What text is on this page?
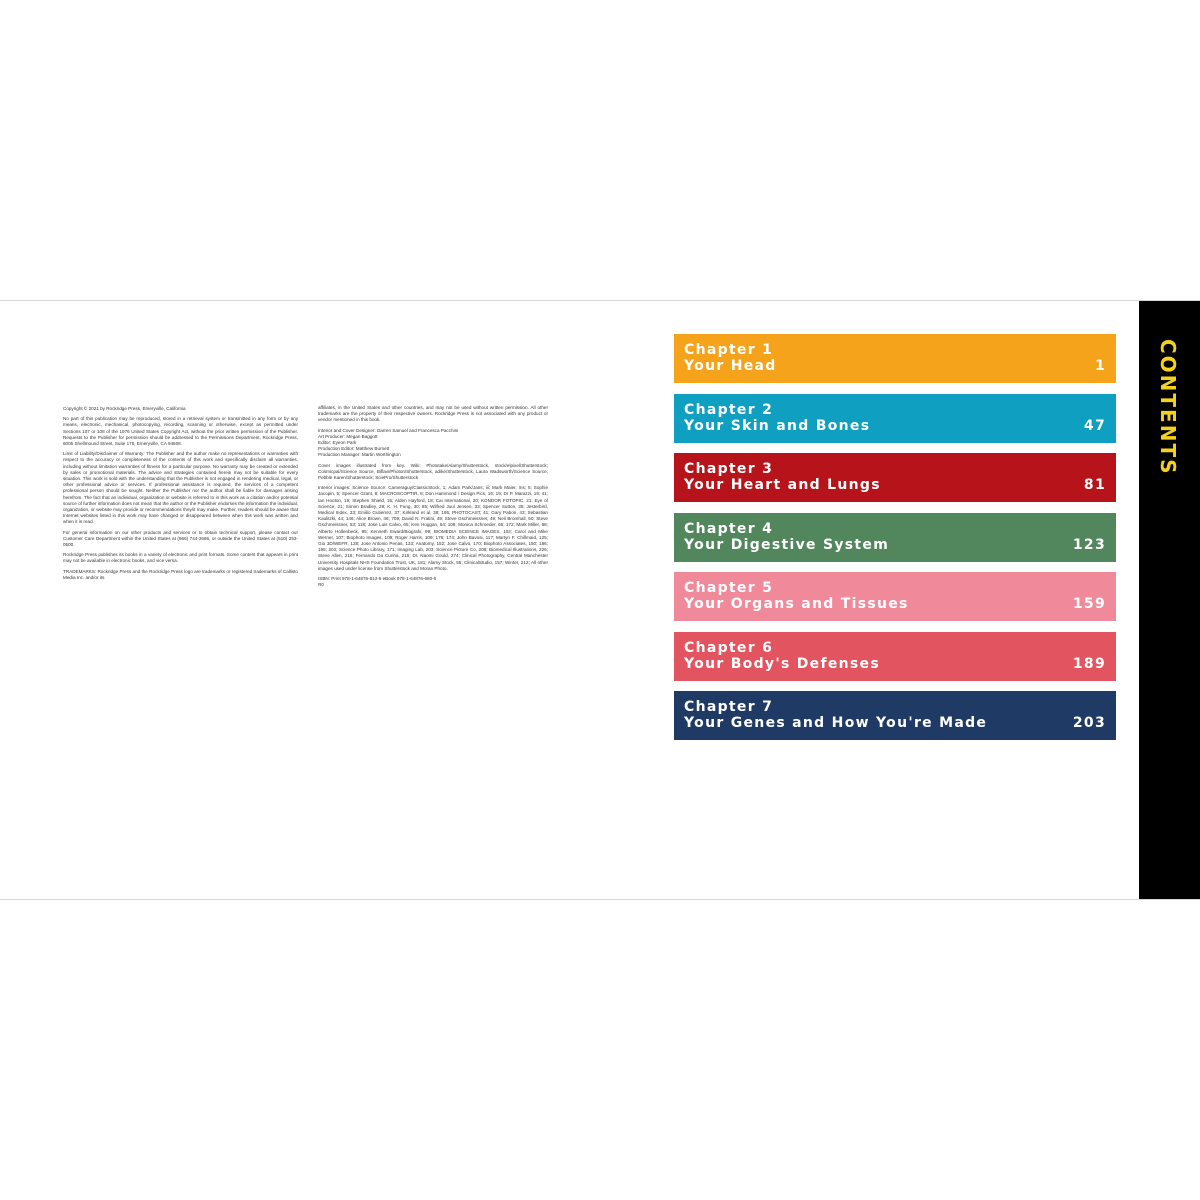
Copyright © 2021 by Rockridge Press, Emeryville, California

No part of this publication may be reproduced, stored in a retrieval system or transmitted in any form or by any means, electronic, mechanical, photocopying, recording, scanning or otherwise, except as permitted under Sections 107 or 108 of the 1976 United States Copyright Act, without the prior written permission of the Publisher. Requests to the Publisher for permission should be addressed to the Permissions Department, Rockridge Press, 6005 Shellmound Street, Suite 175, Emeryville, CA 94608.

Limit of Liability/Disclaimer of Warranty: The Publisher and the author make no representations or warranties with respect to the accuracy or completeness of the contents of this work and specifically disclaim all warranties, including without limitation warranties of fitness for a particular purpose. No warranty may be created or extended by sales or promotional materials. The advice and strategies contained herein may not be suitable for every situation. This work is sold with the understanding that the Publisher is not engaged in rendering medical, legal, or other professional advice or services. If professional assistance is required, the services of a competent professional person should be sought. Neither the Publisher nor the author shall be liable for damages arising herefrom. The fact that an individual, organization or website is referred to in this work as a citation and/or potential source of further information does not mean that the author or the Publisher endorses the information the individual, organization, or website may provide or recommendations they/it may make. Further, readers should be aware that Internet websites listed in this work may have changed or disappeared between when this work was written and when it is read.

For general information on our other products and services or to obtain technical support, please contact our Customer Care Department within the United States at (866) 744-2665, or outside the United States at (510) 253-0500.

Rockridge Press publishes its books in a variety of electronic and print formats. Some content that appears in print may not be available in electronic books, and vice versa.

TRADEMARKS: Rockridge Press and the Rockridge Press logo are trademarks or registered trademarks of Callisto Media Inc. and/or its

affiliates, in the United States and other countries, and may not be used without written permission. All other trademarks are the property of their respective owners. Rockridge Press is not associated with any product or vendor mentioned in this book.

Interior and Cover Designer: Darren Samuel and Francesca Pacchini
Art Producer: Megan Baggott
Editor: Eyeon Park
Production Editor: Matthew Burnett
Production Manager: Martin Worthington

Cover images illustrated from key. Wiki: Phototake/Alamy/Shutterstock, stock/elpixel/Shutterstock; Cosmicpal/Science Source, Biflavi/Photon/Shutterstock, adike/Shutterstock, Laura Wadsworth/Science Source; Pebble Karen/Shutterstock; SciePro/Shutterstock

Interior images: Science Source: Cameraguy/ClassicStock, 1; Adam Park/Jans; iii; Mark Maier, ms; 5; Sophie Jacopin, 5; Spencer Grant, 8; MACROSCOPTIR, 8; Don Hammond / Design Pics, 16; 19; Dr P. Marazzi, 19; 41; Ian Hooton, 19; Stephen Shield, 15; Alden Hayford, 18; Cai International, 20; KONDOR FOTOPIC, 21; Eye of Science, 21; Simon Bradley, 29; K. H. Fung, 30; 85; Wilfred Juul Jensen, 33; Spencer Sutton, 35; Jesterbird, Medical Index, 33; Emilio Gutierrez, 37; Kirkland et al, 38; 195; PHOTOCAST, 41; Gary Pabon, 43; Sebastian Kaulitzki, 44; 146; Alice Brown, 46; 709; David N. Fratini, 49; Steve Gschmeissner, 49; Neil Bromhall, 50; Steve Gschmeissner, 53; 118; Jose Luis Calvo, 65; Ken Hoggan, 64; 106; Monica Schroeder, 65; 172; Mark Miller, 68; Alberto Hollenbeck, 85; Kenneth Eward/Biografx, 99; BIOMEDIA SCIENCE IMAGES, 102; Carol and Mike Werner, 107; Biophoto Images, 109; Roger Harris, 109; 176; 174; John Bavosi, 117; Martyn F. Chillmaid, 125; Gio 3D/WEFR, 128; Jose Antonio Penas, 133; Anatomy, 152; Jose Calvo, 170; Biophoto Associates, 150; 186; 195; 202; Science Photo Library, 171; Imaging Lab, 203; Science Picture Co, 208; Biomedical Illustrations, 226; Steve Allen, 216; Fernando Da Cunha, 215; Dr. Naomi Gould, 274; Clinical Photography, Central Manchester University Hospitals NHS Foundation Trust, UK, 181; Alamy Stock, 55; ClinicalStudio, 157; Winter, 212; All other images used under license from Shutterstock and Moran Photo.

ISBN: Print 978-1-64876-812-5 eBook 978-1-64876-680-6
R0

Chapter 1
Your Head	1
Chapter 2
Your Skin and Bones	47
Chapter 3
Your Heart and Lungs	81
Chapter 4
Your Digestive System	123
Chapter 5
Your Organs and Tissues	159
Chapter 6
Your Body's Defenses	189
Chapter 7
Your Genes and How You're Made	203
CONTENTS
